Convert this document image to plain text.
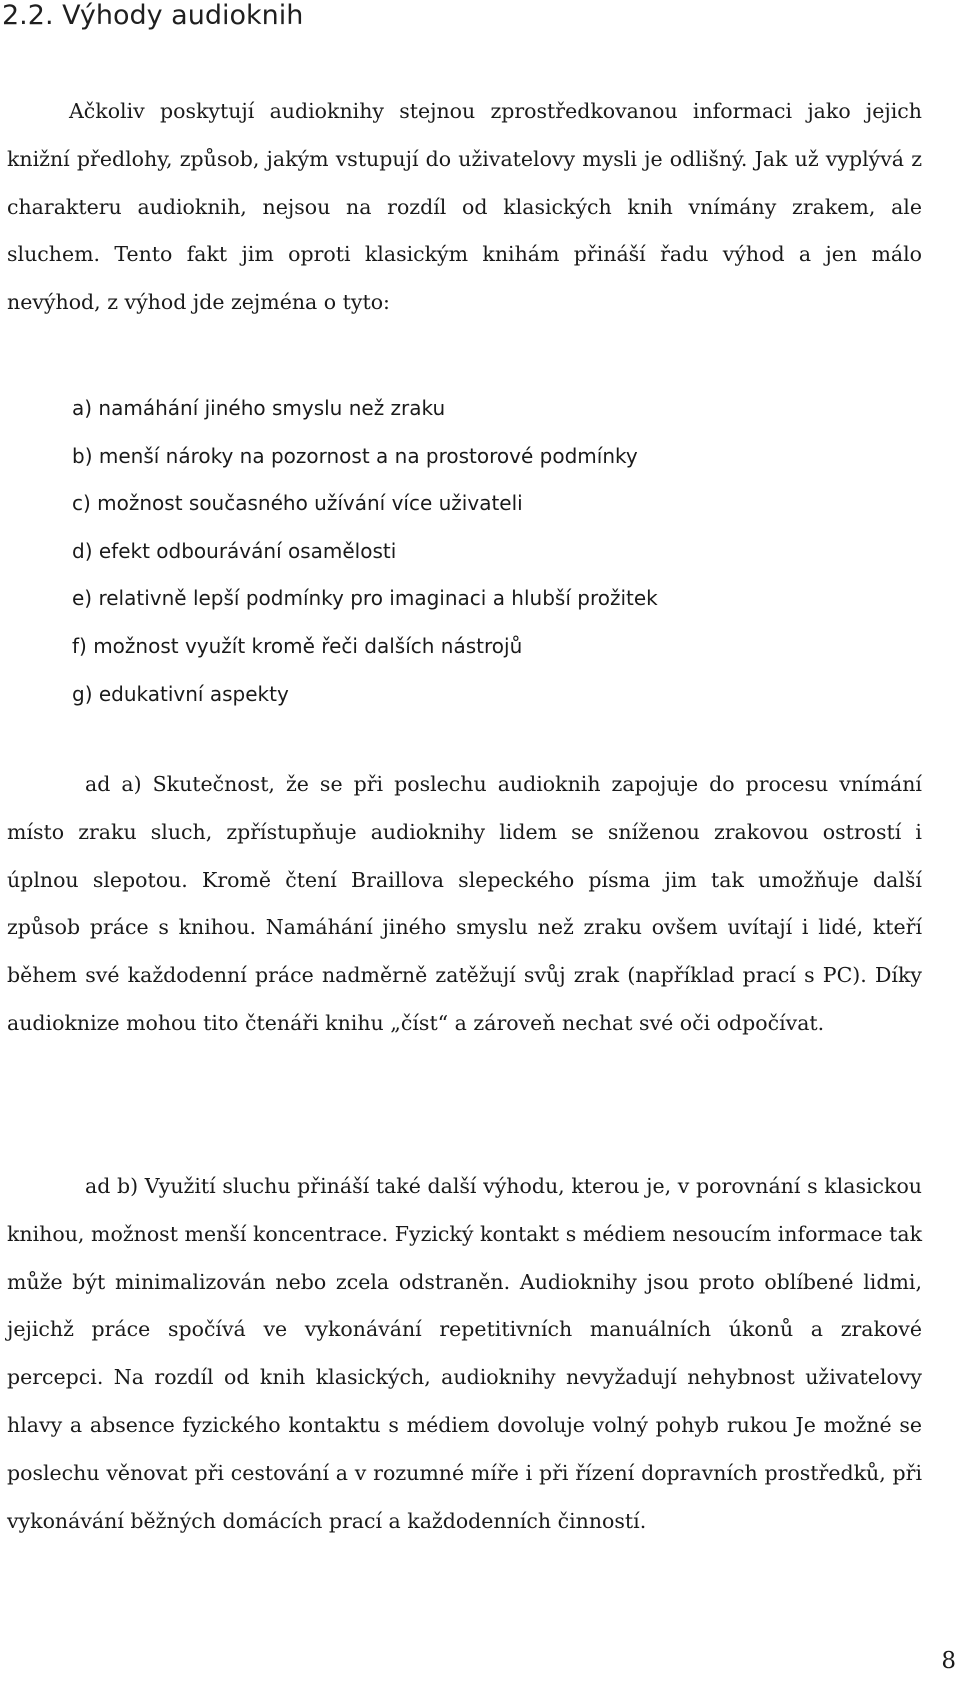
2.2. Výhody audioknih

Ačkoliv poskytují audioknihy stejnou zprostředkovanou informaci jako jejich knižní předlohy, způsob, jakým vstupují do uživatelovy mysli je odlišný. Jak už vyplývá z charakteru audioknih, nejsou na rozdíl od klasických knih vnímány zrakem, ale sluchem. Tento fakt jim oproti klasickým knihám přináší řadu výhod a jen málo nevýhod, z výhod jde zejména o tyto:

a) namáhání jiného smyslu než zraku
b) menší nároky na pozornost a na prostorové podmínky
c) možnost současného užívání více uživateli
d) efekt odbourávání osamělosti
e) relativně lepší podmínky pro imaginaci a hlubší prožitek
f) možnost využít kromě řeči dalších nástrojů
g) edukativní aspekty

ad a) Skutečnost, že se při poslechu audioknih zapojuje do procesu vnímání místo zraku sluch, zpřístupňuje audioknihy lidem se sníženou zrakovou ostrostí i úplnou slepotou. Kromě čtení Braillova slepeckého písma jim tak umožňuje další způsob práce s knihou. Namáhání jiného smyslu než zraku ovšem uvítají i lidé, kteří během své každodenní práce nadměrně zatěžují svůj zrak (například prací s PC). Díky audioknize mohou tito čtenáři knihu „číst“ a zároveň nechat své oči odpočívat.

ad b) Využití sluchu přináší také další výhodu, kterou je, v porovnání s klasickou knihou, možnost menší koncentrace. Fyzický kontakt s médiem nesoucím informace tak může být minimalizován nebo zcela odstraněn. Audioknihy jsou proto oblíbené lidmi, jejichž práce spočívá ve vykonávání repetitivních manuálních úkonů a zrakové percepci. Na rozdíl od knih klasických, audioknihy nevyžadují nehybnost uživatelovy hlavy a absence fyzického kontaktu s médiem dovoluje volný pohyb rukou Je možné se poslechu věnovat při cestování a v rozumné míře i při řízení dopravních prostředků, při vykonávání běžných domácích prací a každodenních činností.

8
